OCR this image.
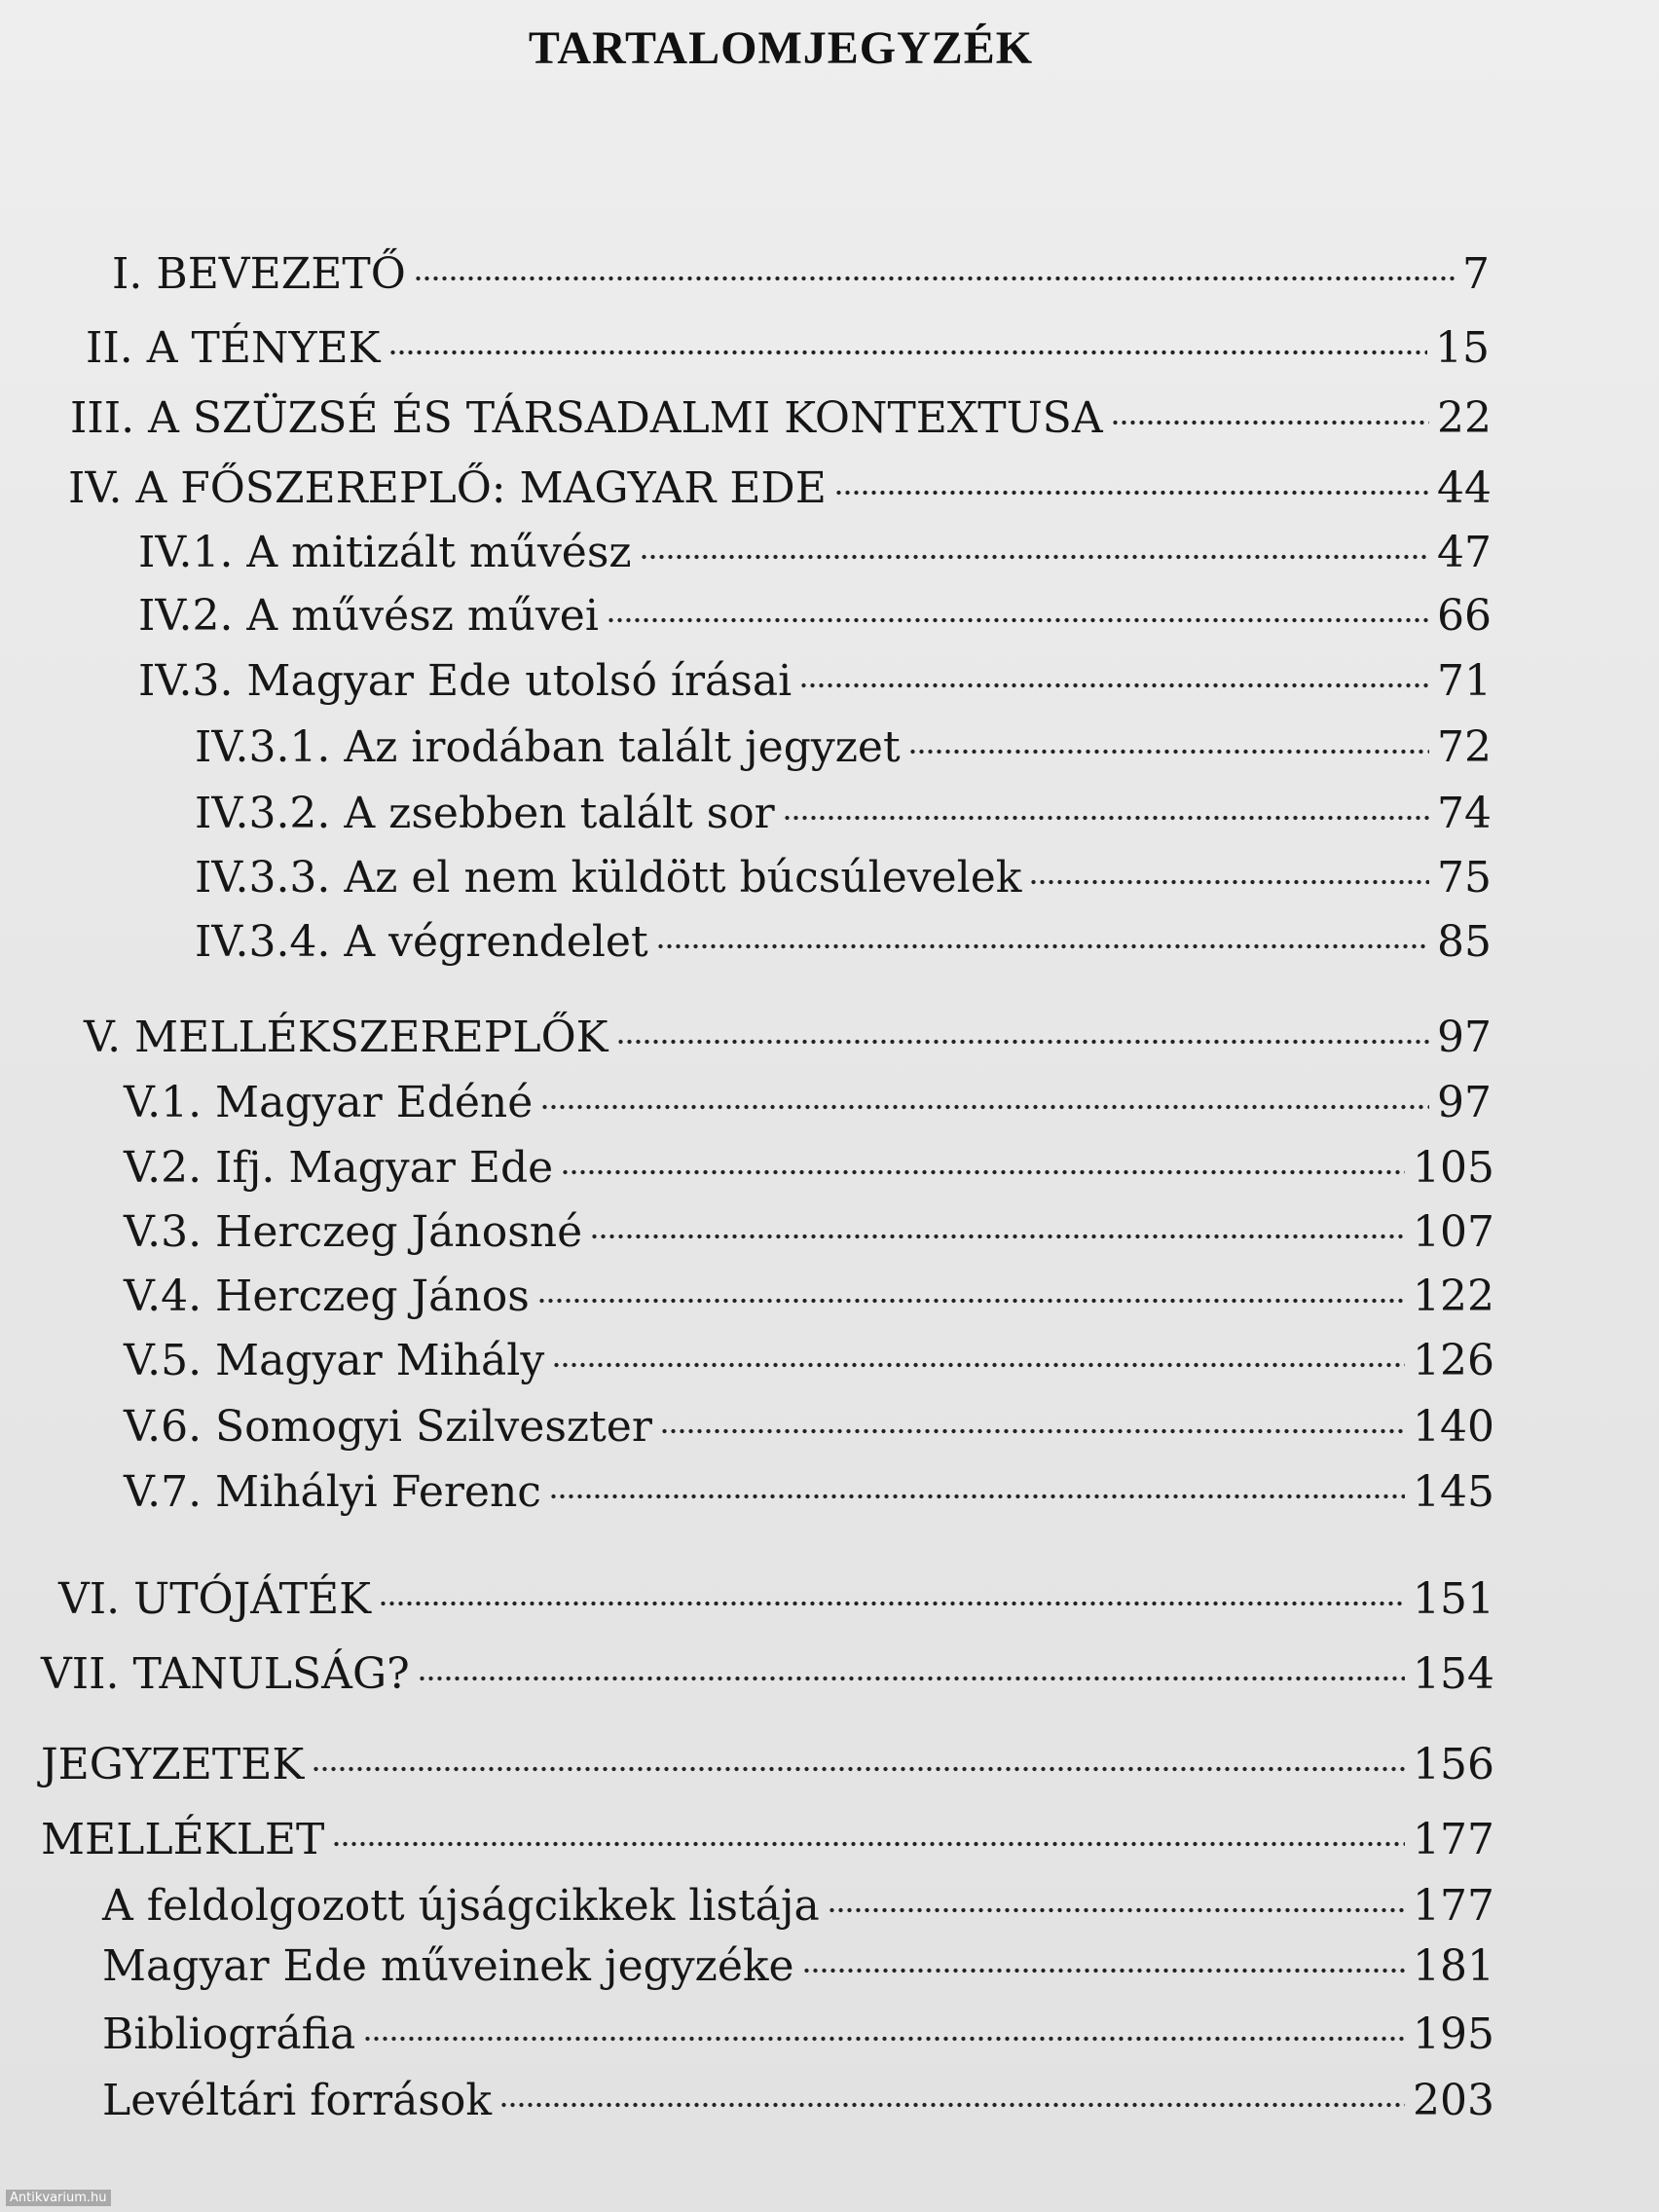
TARTALOMJEGYZÉK
I. BEVEZETŐ	7
II. A TÉNYEK	15
III. A SZÜZSÉ ÉS TÁRSADALMI KONTEXTUSA	22
IV. A FŐSZEREPLŐ: MAGYAR EDE	44
IV.1. A mitizált művész	47
IV.2. A művész művei	66
IV.3. Magyar Ede utolsó írásai	71
IV.3.1. Az irodában talált jegyzet	72
IV.3.2. A zsebben talált sor	74
IV.3.3. Az el nem küldött búcsúlevelek	75
IV.3.4. A végrendelet	85
V. MELLÉKSZEREPLŐK	97
V.1. Magyar Edéné	97
V.2. Ifj. Magyar Ede	105
V.3. Herczeg Jánosné	107
V.4. Herczeg János	122
V.5. Magyar Mihály	126
V.6. Somogyi Szilveszter	140
V.7. Mihályi Ferenc	145
VI. UTÓJÁTÉK	151
VII. TANULSÁG?	154
JEGYZETEK	156
MELLÉKLET	177
A feldolgozott újságcikkek listája	177
Magyar Ede műveinek jegyzéke	181
Bibliográfia	195
Levéltári források	203
Antikvarium.hu
